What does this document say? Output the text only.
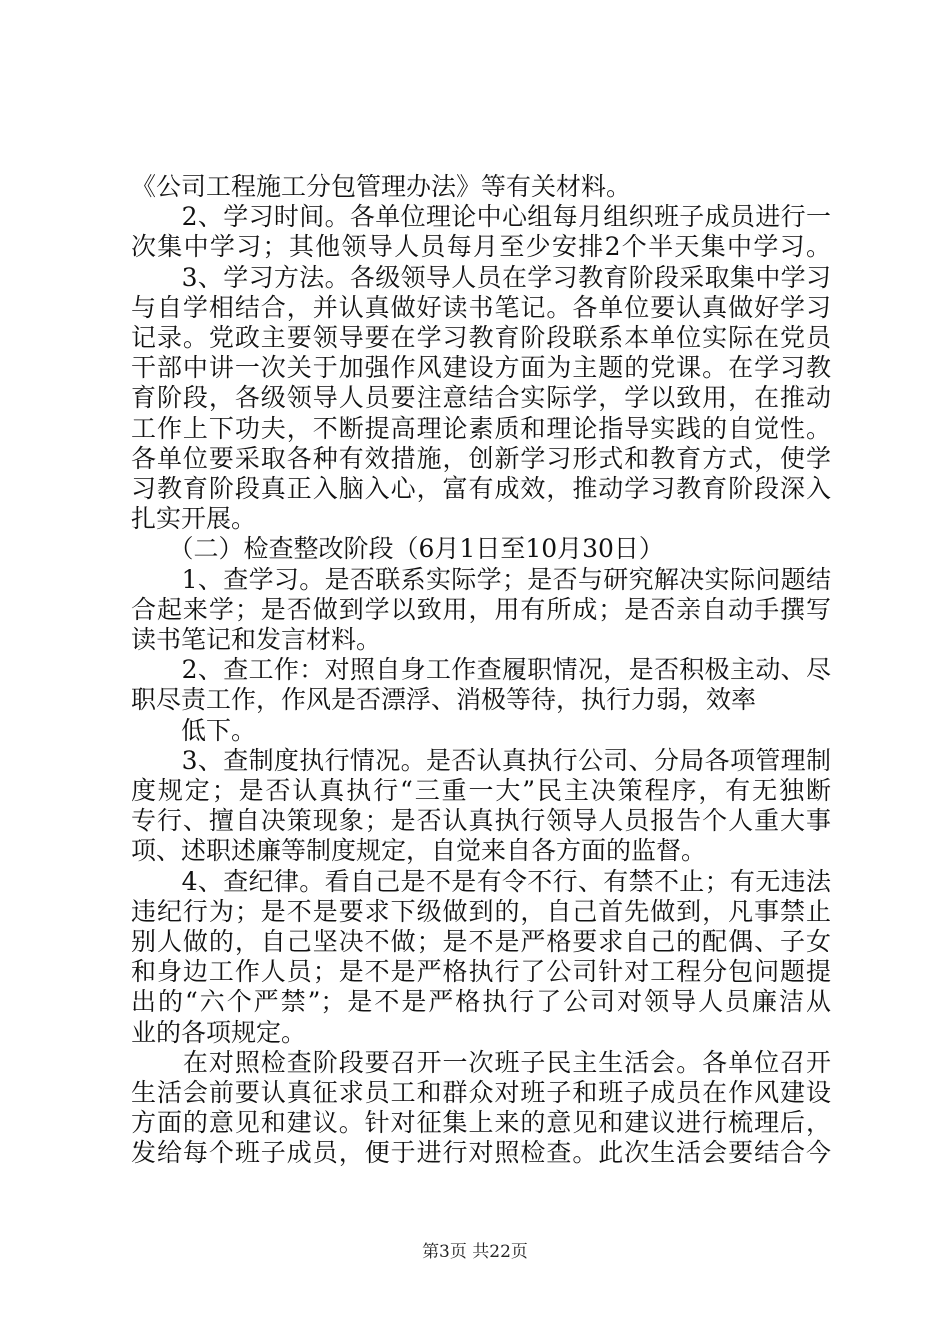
《公司工程施工分包管理办法》等有关材料。
　　2、学习时间。各单位理论中心组每月组织班子成员进行一
次集中学习；其他领导人员每月至少安排2个半天集中学习。
　　3、学习方法。各级领导人员在学习教育阶段采取集中学习
与自学相结合，并认真做好读书笔记。各单位要认真做好学习
记录。党政主要领导要在学习教育阶段联系本单位实际在党员
干部中讲一次关于加强作风建设方面为主题的党课。在学习教
育阶段，各级领导人员要注意结合实际学，学以致用，在推动
工作上下功夫，不断提高理论素质和理论指导实践的自觉性。
各单位要采取各种有效措施，创新学习形式和教育方式，使学
习教育阶段真正入脑入心，富有成效，推动学习教育阶段深入
扎实开展。
　　（二）检查整改阶段（6月1日至10月30日）
　　1、查学习。是否联系实际学；是否与研究解决实际问题结
合起来学；是否做到学以致用，用有所成；是否亲自动手撰写
读书笔记和发言材料。
　　2、查工作：对照自身工作查履职情况，是否积极主动、尽
职尽责工作，作风是否漂浮、消极等待，执行力弱，效率
　　低下。
　　3、查制度执行情况。是否认真执行公司、分局各项管理制
度规定；是否认真执行“三重一大”民主决策程序，有无独断
专行、擅自决策现象；是否认真执行领导人员报告个人重大事
项、述职述廉等制度规定，自觉来自各方面的监督。
　　4、查纪律。看自己是不是有令不行、有禁不止；有无违法
违纪行为；是不是要求下级做到的，自己首先做到，凡事禁止
别人做的，自己坚决不做；是不是严格要求自己的配偶、子女
和身边工作人员；是不是严格执行了公司针对工程分包问题提
出的“六个严禁”；是不是严格执行了公司对领导人员廉洁从
业的各项规定。
　　在对照检查阶段要召开一次班子民主生活会。各单位召开
生活会前要认真征求员工和群众对班子和班子成员在作风建设
方面的意见和建议。针对征集上来的意见和建议进行梳理后，
发给每个班子成员，便于进行对照检查。此次生活会要结合今
第3页 共22页
